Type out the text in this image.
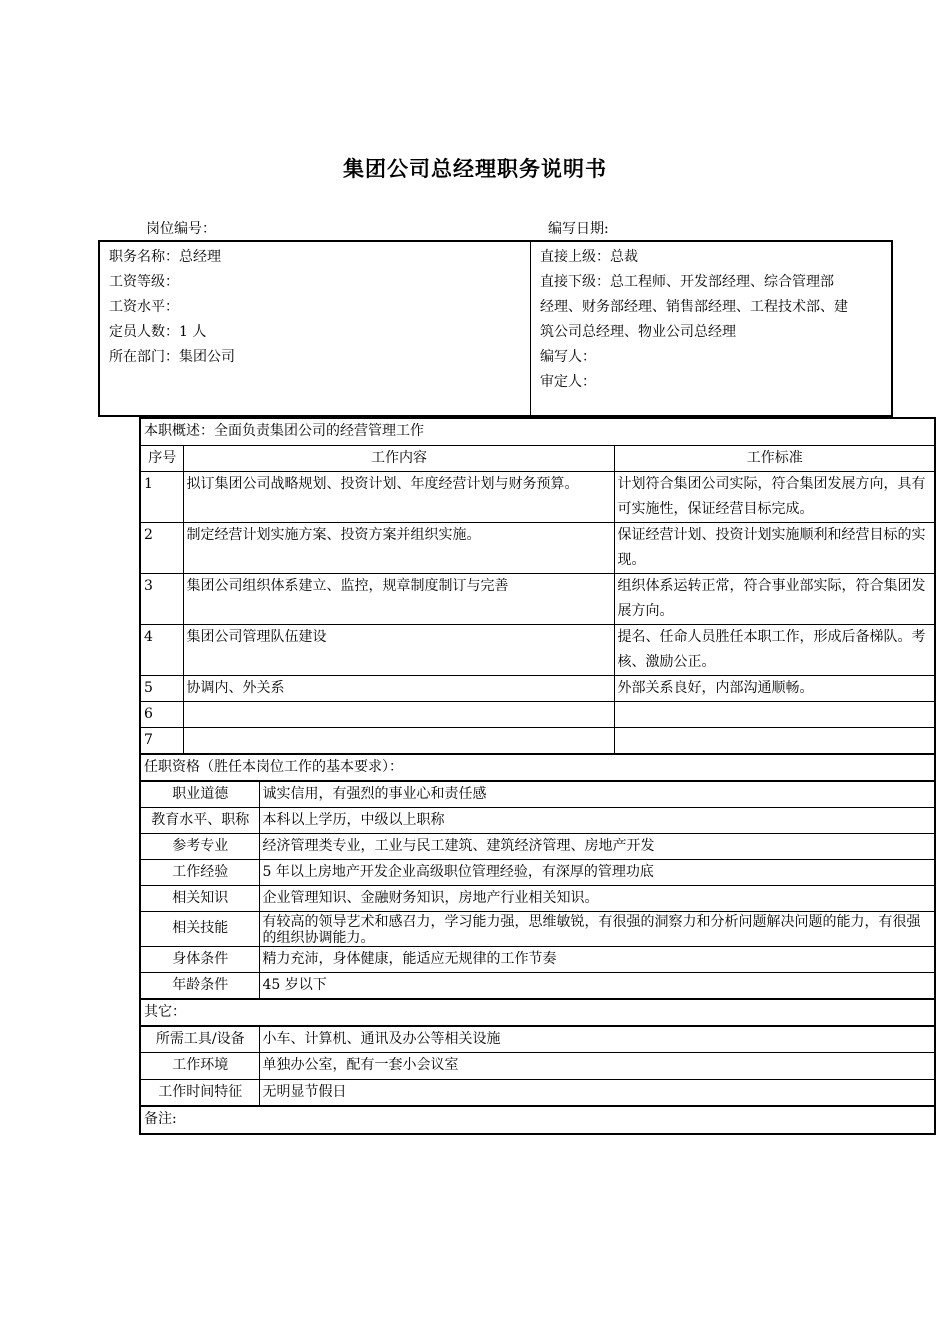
集团公司总经理职务说明书
岗位编号：	编写日期:
职务名称：总经理
工资等级：
工资水平：
定员人数：1 人
所在部门：集团公司
直接上级：总裁
直接下级：总工程师、开发部经理、综合管理部
经理、财务部经理、销售部经理、工程技术部、建
筑公司总经理、物业公司总经理
编写人：
审定人：
本职概述：全面负责集团公司的经营管理工作			
序号	工作内容		工作标准
1	拟订集团公司战略规划、投资计划、年度经营计划与财务预算。		计划符合集团公司实际，符合集团发展方向，具有可实施性，保证经营目标完成。
2	制定经营计划实施方案、投资方案并组织实施。		保证经营计划、投资计划实施顺利和经营目标的实现。
3	集团公司组织体系建立、监控，规章制度制订与完善		组织体系运转正常，符合事业部实际，符合集团发展方向。
4	集团公司管理队伍建设		提名、任命人员胜任本职工作，形成后备梯队。考核、激励公正。
5	协调内、外关系		外部关系良好，内部沟通顺畅。
6			
7			
任职资格（胜任本岗位工作的基本要求）：			
职业道德		诚实信用，有强烈的事业心和责任感	
教育水平、职称		本科以上学历，中级以上职称	
参考专业		经济管理类专业，工业与民工建筑、建筑经济管理、房地产开发	
工作经验		5 年以上房地产开发企业高级职位管理经验，有深厚的管理功底	
相关知识		企业管理知识、金融财务知识，房地产行业相关知识。	
相关技能		有较高的领导艺术和感召力，学习能力强，思维敏锐，有很强的洞察力和分析问题解决问题的能力，有很强的组织协调能力。	
身体条件		精力充沛，身体健康，能适应无规律的工作节奏	
年龄条件		45 岁以下	
其它：			
所需工具/设备		小车、计算机、通讯及办公等相关设施	
工作环境		单独办公室，配有一套小会议室	
工作时间特征		无明显节假日	
备注:			
